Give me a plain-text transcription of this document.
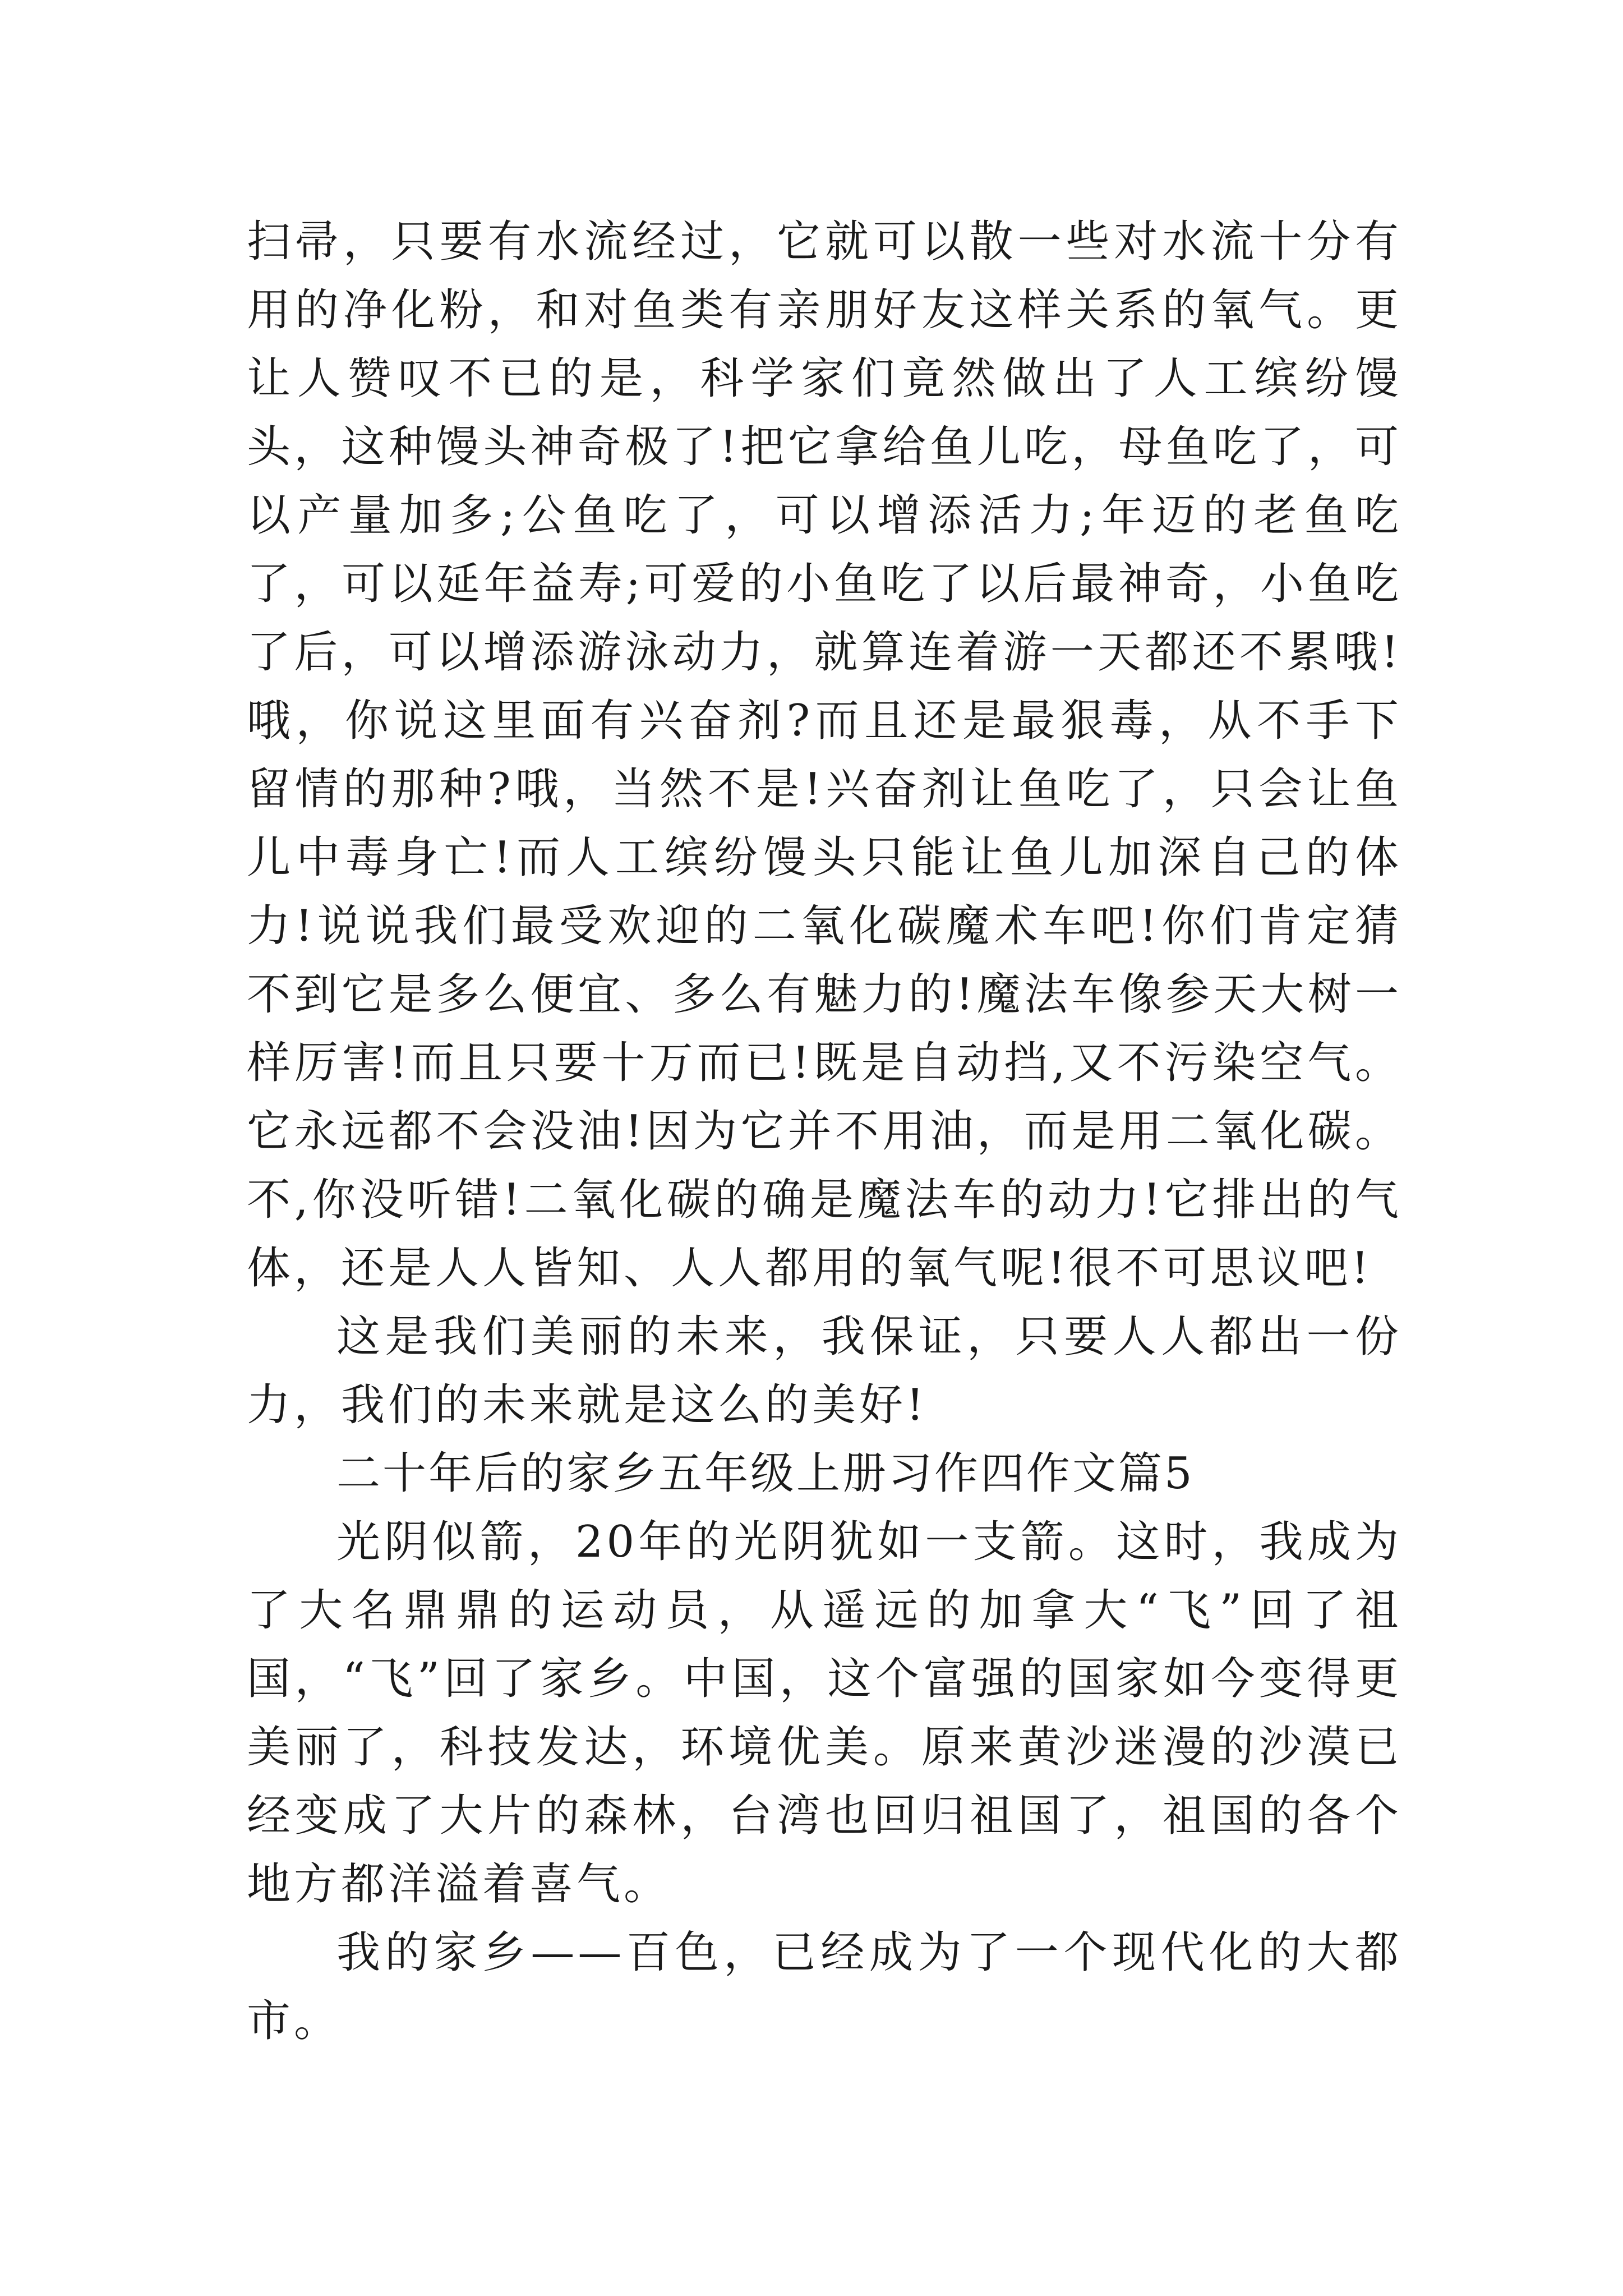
扫帚，只要有水流经过，它就可以散一些对水流十分有用的净化粉，和对鱼类有亲朋好友这样关系的氧气。更让人赞叹不已的是，科学家们竟然做出了人工缤纷馒头，这种馒头神奇极了!把它拿给鱼儿吃，母鱼吃了，可以产量加多;公鱼吃了，可以增添活力;年迈的老鱼吃了，可以延年益寿;可爱的小鱼吃了以后最神奇，小鱼吃了后，可以增添游泳动力，就算连着游一天都还不累哦!哦，你说这里面有兴奋剂?而且还是最狠毒，从不手下留情的那种?哦，当然不是!兴奋剂让鱼吃了，只会让鱼儿中毒身亡!而人工缤纷馒头只能让鱼儿加深自己的体力!说说我们最受欢迎的二氧化碳魔术车吧!你们肯定猜不到它是多么便宜、多么有魅力的!魔法车像参天大树一样厉害!而且只要十万而已!既是自动挡,又不污染空气。它永远都不会没油!因为它并不用油，而是用二氧化碳。不,你没听错!二氧化碳的确是魔法车的动力!它排出的气体，还是人人皆知、人人都用的氧气呢!很不可思议吧!

这是我们美丽的未来，我保证，只要人人都出一份力，我们的未来就是这么的美好!

二十年后的家乡五年级上册习作四作文篇5

光阴似箭，20年的光阴犹如一支箭。这时，我成为了大名鼎鼎的运动员，从遥远的加拿大“飞”回了祖国，“飞”回了家乡。中国，这个富强的国家如今变得更美丽了，科技发达，环境优美。原来黄沙迷漫的沙漠已经变成了大片的森林，台湾也回归祖国了，祖国的各个地方都洋溢着喜气。

我的家乡——百色，已经成为了一个现代化的大都市。
